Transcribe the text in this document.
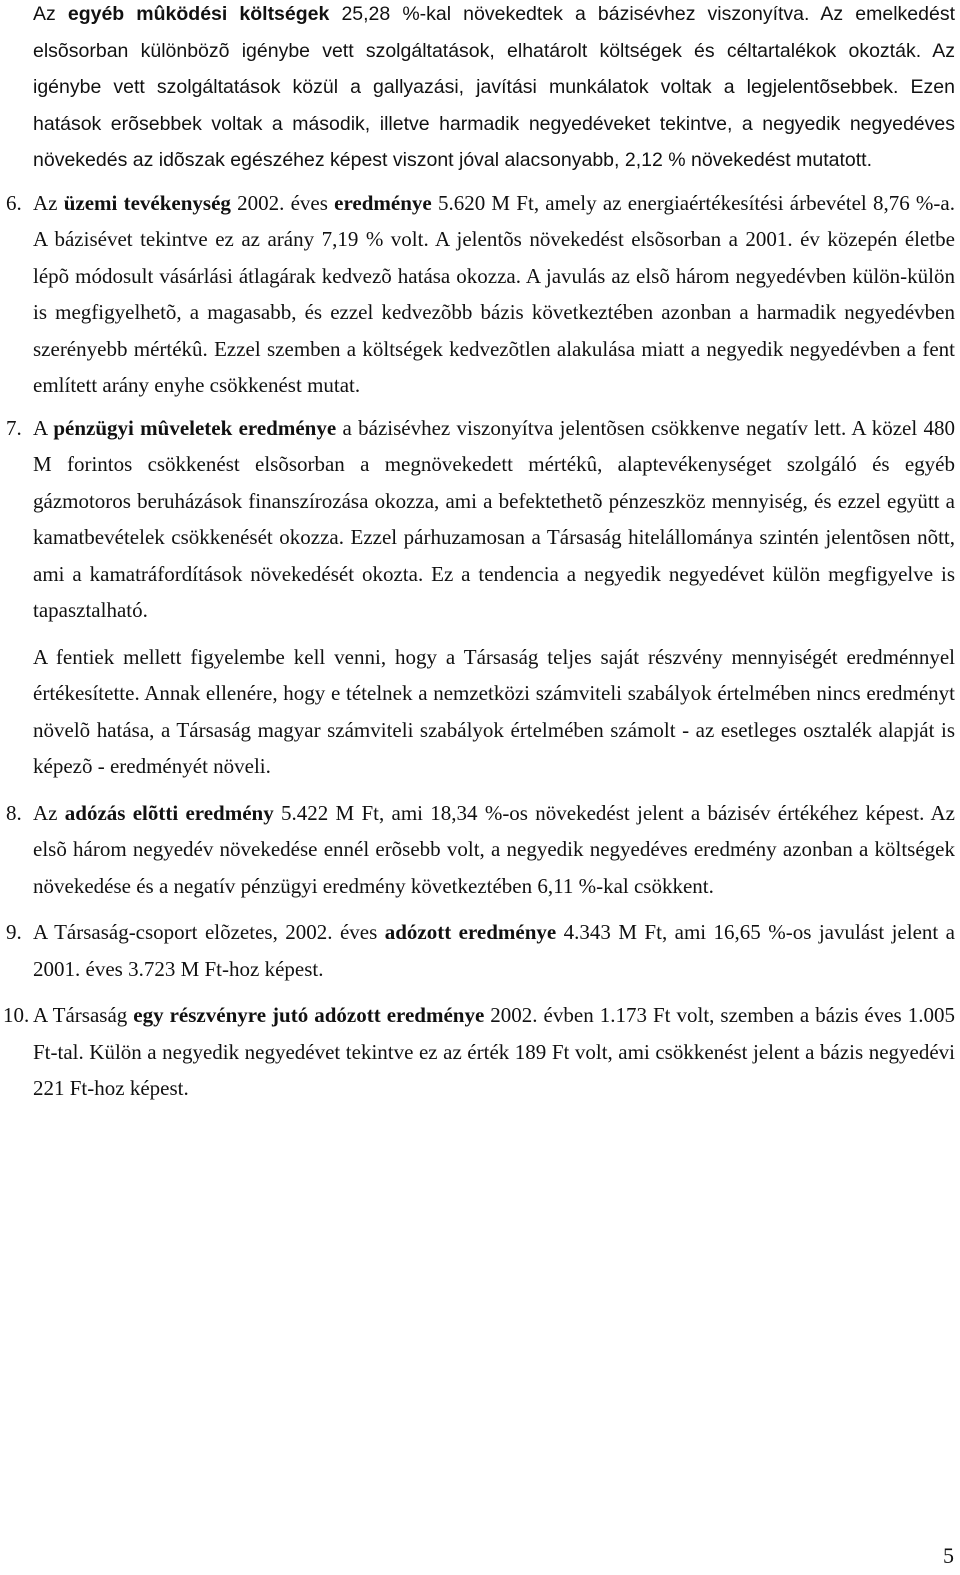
Az egyéb mûködési költségek 25,28 %-kal növekedtek a bázisévhez viszonyítva. Az emelkedést elsõsorban különbözõ igénybe vett szolgáltatások, elhatárolt költségek és céltartalékok okozták. Az igénybe vett szolgáltatások közül a gallyazási, javítási munkálatok voltak a legjelentõsebbek. Ezen hatások erõsebbek voltak a második, illetve harmadik negyedéveket tekintve, a negyedik negyedéves növekedés az idõszak egészéhez képest viszont jóval alacsonyabb, 2,12 % növekedést mutatott.

6. Az üzemi tevékenység 2002. éves eredménye 5.620 M Ft, amely az energiaértékesítési árbevétel 8,76 %-a. A bázisévet tekintve ez az arány 7,19 % volt. A jelentõs növekedést elsõsorban a 2001. év közepén életbe lépõ módosult vásárlási átlagárak kedvezõ hatása okozza. A javulás az elsõ három negyedévben külön-külön is megfigyelhetõ, a magasabb, és ezzel kedvezõbb bázis következtében azonban a harmadik negyedévben szerényebb mértékû. Ezzel szemben a költségek kedvezõtlen alakulása miatt a negyedik negyedévben a fent említett arány enyhe csökkenést mutat.
7. A pénzügyi mûveletek eredménye a bázisévhez viszonyítva jelentõsen csökkenve negatív lett. A közel 480 M forintos csökkenést elsõsorban a megnövekedett mértékû, alaptevékenységet szolgáló és egyéb gázmotoros beruházások finanszírozása okozza, ami a befektethetõ pénzeszköz mennyiség, és ezzel együtt a kamatbevételek csökkenését okozza. Ezzel párhuzamosan a Társaság hitelállománya szintén jelentõsen nõtt, ami a kamatráfordítások növekedését okozta. Ez a tendencia a negyedik negyedévet külön megfigyelve is tapasztalható.

A fentiek mellett figyelembe kell venni, hogy a Társaság teljes saját részvény mennyiségét eredménnyel értékesítette. Annak ellenére, hogy e tételnek a nemzetközi számviteli szabályok értelmében nincs eredményt növelõ hatása, a Társaság magyar számviteli szabályok értelmében számolt - az esetleges osztalék alapját is képezõ - eredményét növeli.

8. Az adózás elõtti eredmény 5.422 M Ft, ami 18,34 %-os növekedést jelent a bázisév értékéhez képest. Az elsõ három negyedév növekedése ennél erõsebb volt, a negyedik negyedéves eredmény azonban a költségek növekedése és a negatív pénzügyi eredmény következtében 6,11 %-kal csökkent.
9. A Társaság-csoport elõzetes, 2002. éves adózott eredménye 4.343 M Ft, ami 16,65 %-os javulást jelent a 2001. éves 3.723 M Ft-hoz képest.
10. A Társaság egy részvényre jutó adózott eredménye 2002. évben 1.173 Ft volt, szemben a bázis éves 1.005 Ft-tal. Külön a negyedik negyedévet tekintve ez az érték 189 Ft volt, ami csökkenést jelent a bázis negyedévi 221 Ft-hoz képest.
5
